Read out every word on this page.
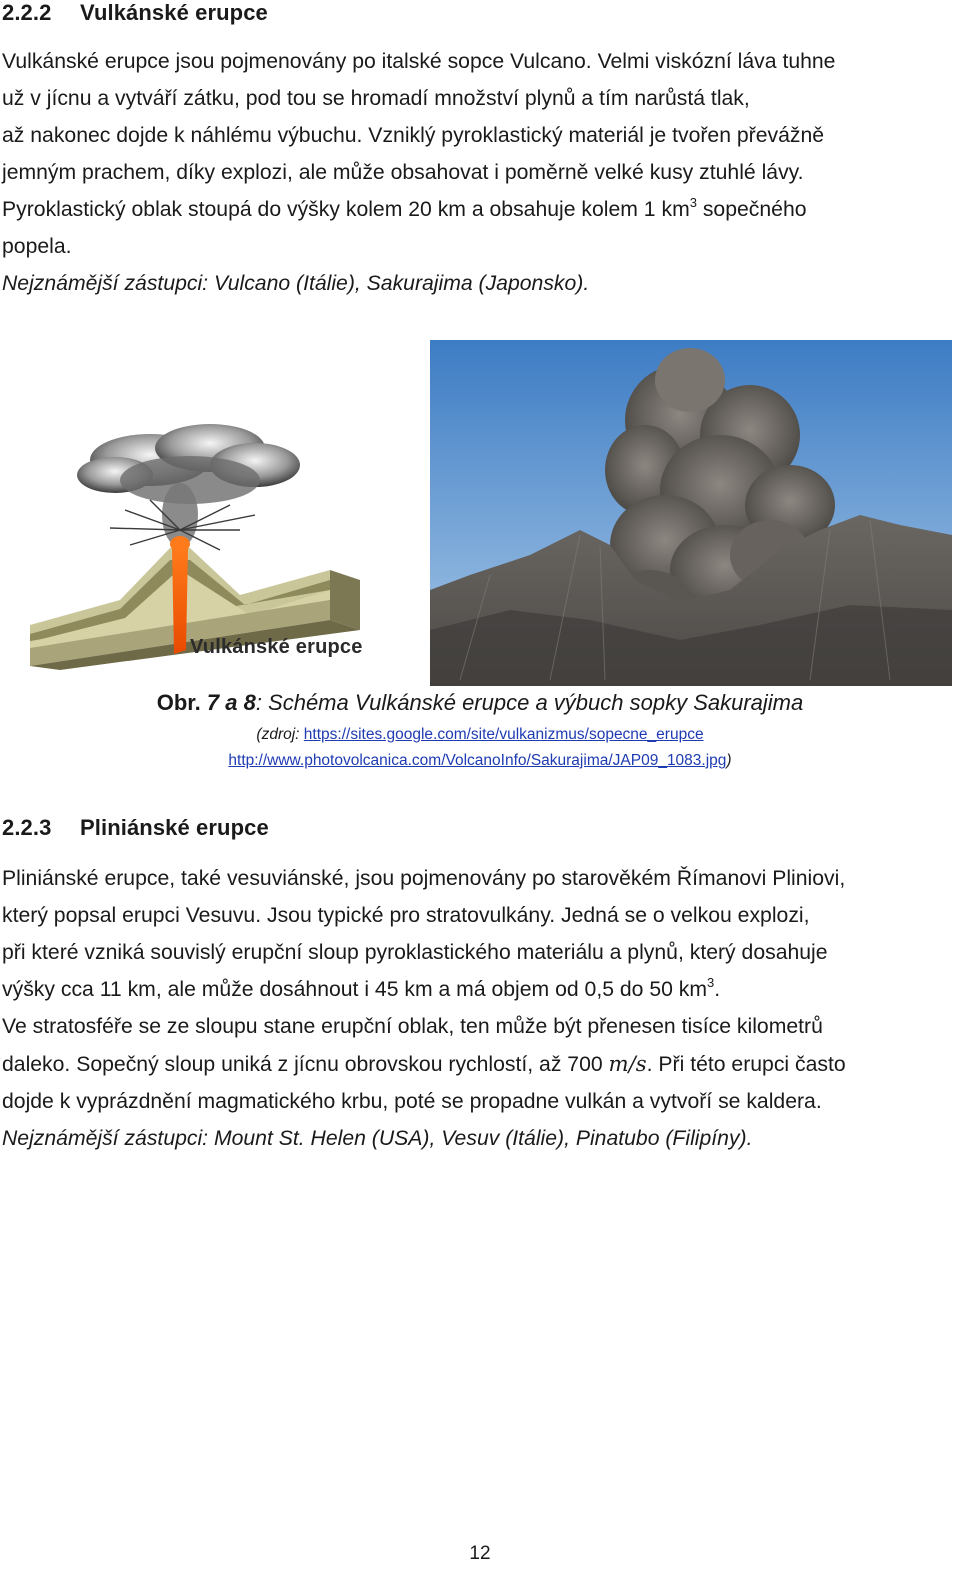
2.2.2 Vulkánské erupce
Vulkánské erupce jsou pojmenovány po italské sopce Vulcano. Velmi viskózní láva tuhne
už v jícnu a vytváří zátku, pod tou se hromadí množství plynů a tím narůstá tlak,
až nakonec dojde k náhlému výbuchu. Vzniklý pyroklastický materiál je tvořen převážně
jemným prachem, díky explozi, ale může obsahovat i poměrně velké kusy ztuhlé lávy.
Pyroklastický oblak stoupá do výšky kolem 20 km a obsahuje kolem 1 $km^3$ sopečného
popela.
Nejznámější zástupci: Vulcano (Itálie), Sakurajima (Japonsko).
Vulkánské erupce

Obr. 7 a 8: Schéma Vulkánské erupce a výbuch sopky Sakurajima

(zdroj: https://sites.google.com/site/vulkanizmus/sopecne_erupce

http://www.photovolcanica.com/VolcanoInfo/Sakurajima/JAP09_1083.jpg)

2.2.3 Pliniánské erupce
Pliniánské erupce, také vesuviánské, jsou pojmenovány po starověkém Římanovi Pliniovi,
který popsal erupci Vesuvu. Jsou typické pro stratovulkány. Jedná se o velkou explozi,
při které vzniká souvislý erupční sloup pyroklastického materiálu a plynů, který dosahuje
výšky cca 11 km, ale může dosáhnout i 45 km a má objem od 0,5 do 50 $km^3$.
Ve stratosféře se ze sloupu stane erupční oblak, ten může být přenesen tisíce kilometrů
daleko. Sopečný sloup uniká z jícnu obrovskou rychlostí, až 700 m/s. Při této erupci často
dojde k vyprázdnění magmatického krbu, poté se propadne vulkán a vytvoří se kaldera.
Nejznámější zástupci: Mount St. Helen (USA), Vesuv (Itálie), Pinatubo (Filipíny).

12
